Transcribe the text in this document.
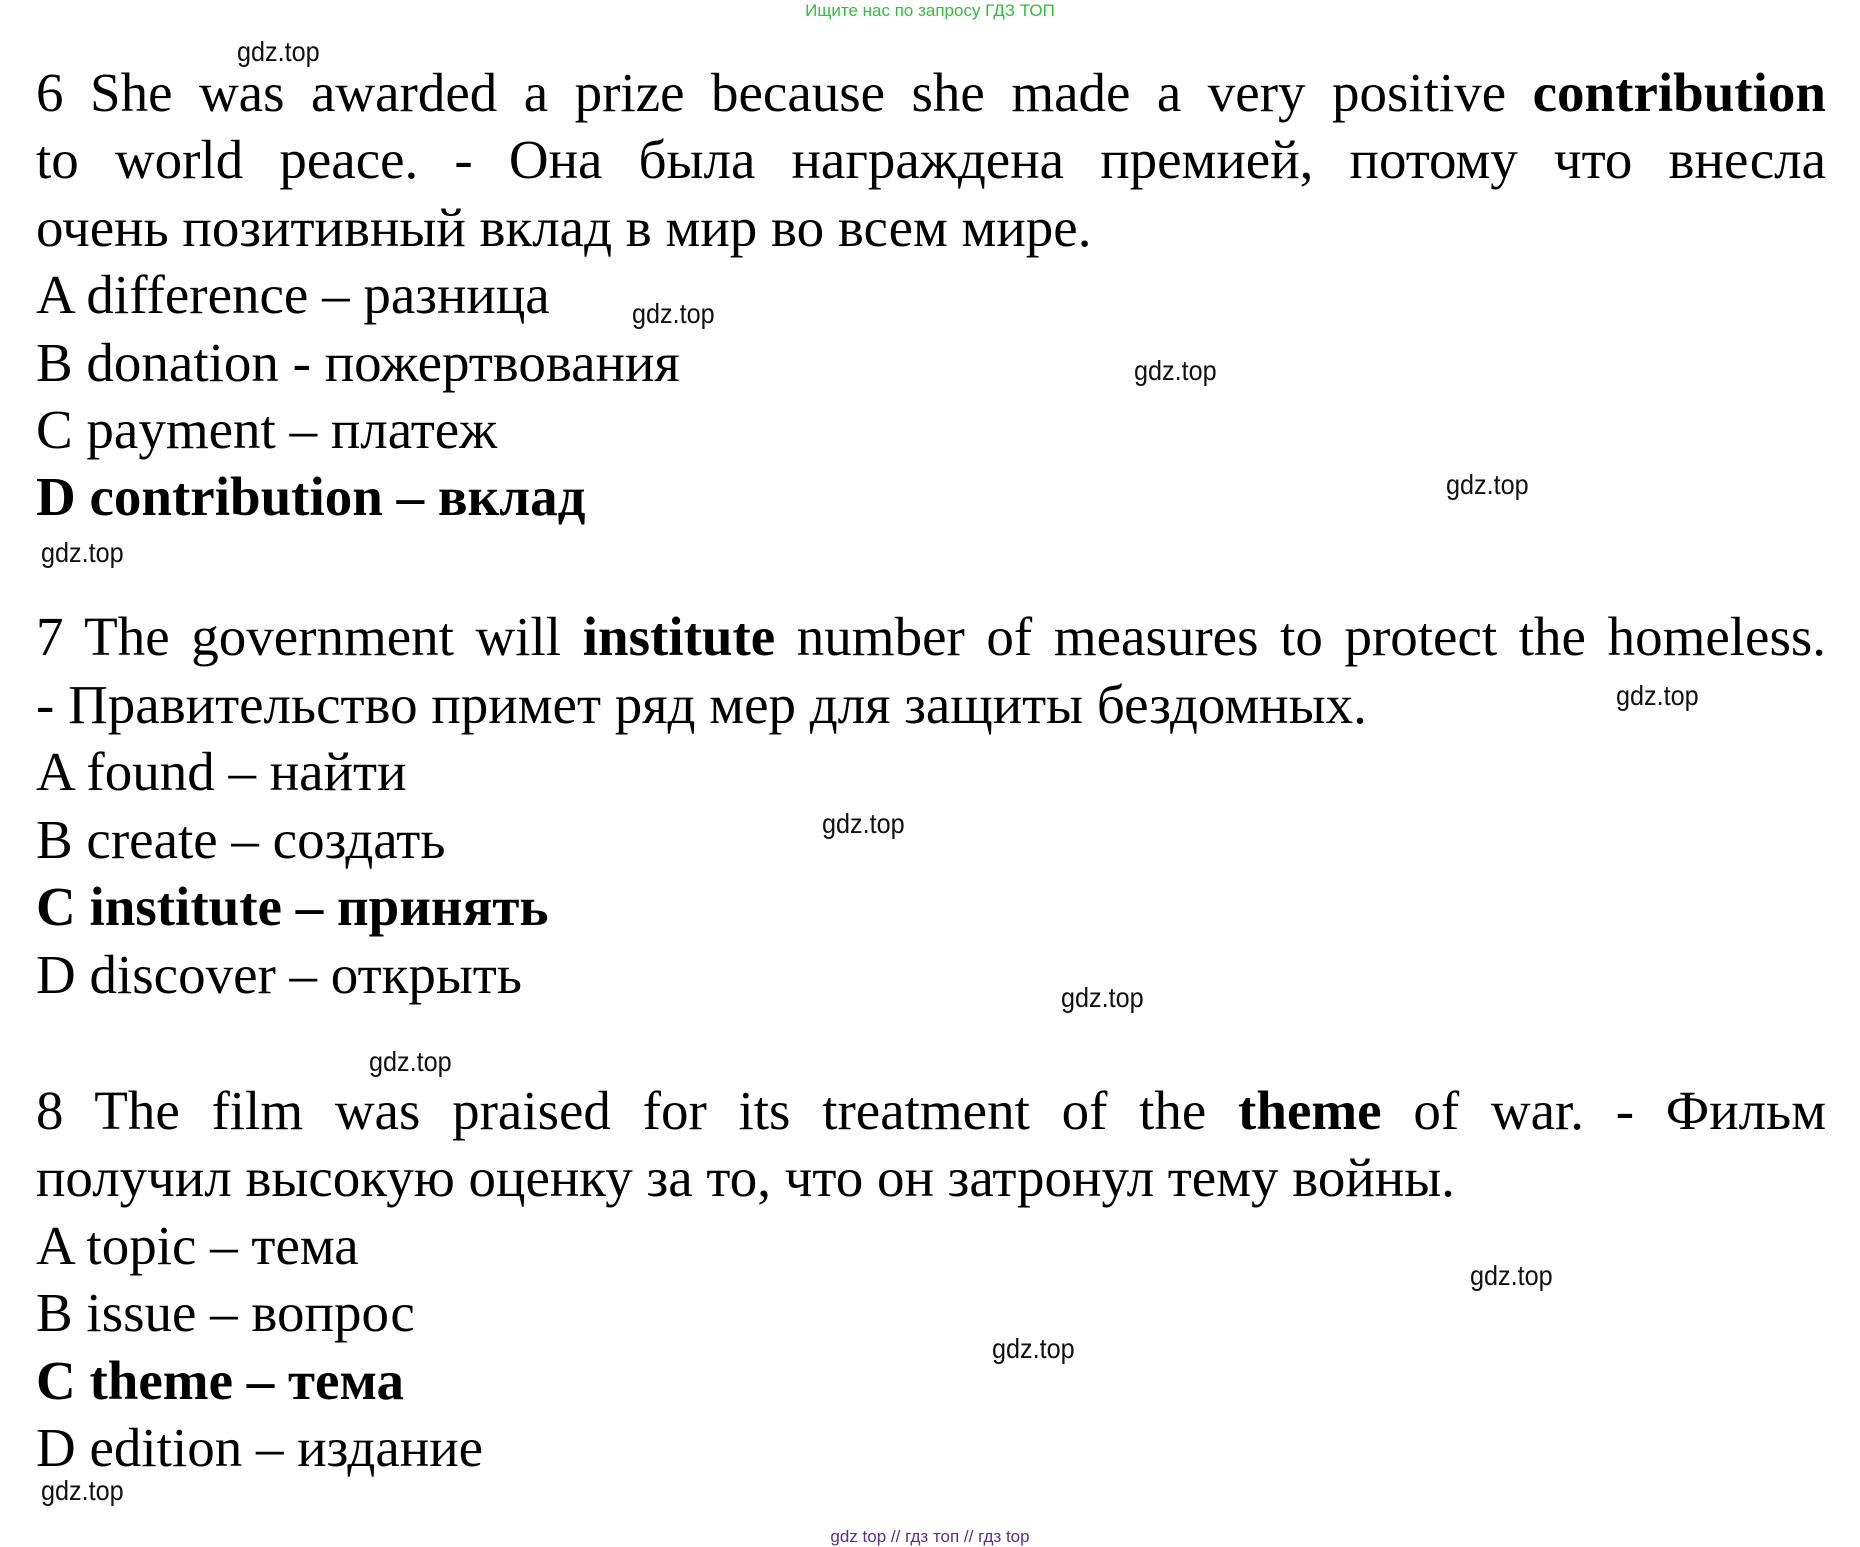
Ищите нас по запросу ГДЗ ТОП
6 She was awarded a prize because she made a very positive contribution
to world peace. - Она была награждена премией, потому что внесла
очень позитивный вклад в мир во всем мире.
A difference – разница
B donation - пожертвования
C payment – платеж
D contribution – вклад
7 The government will institute number of measures to protect the homeless.
- Правительство примет ряд мер для защиты бездомных.
A found – найти
B create – создать
C institute – принять
D discover – открыть
8 The film was praised for its treatment of the theme of war. - Фильм
получил высокую оценку за то, что он затронул тему войны.
A topic – тема
B issue – вопрос
C theme – тема
D edition – издание
gdz.top
gdz.top
gdz.top
gdz.top
gdz.top
gdz.top
gdz.top
gdz.top
gdz.top
gdz.top
gdz.top
gdz.top
gdz top // гдз топ // гдз top
